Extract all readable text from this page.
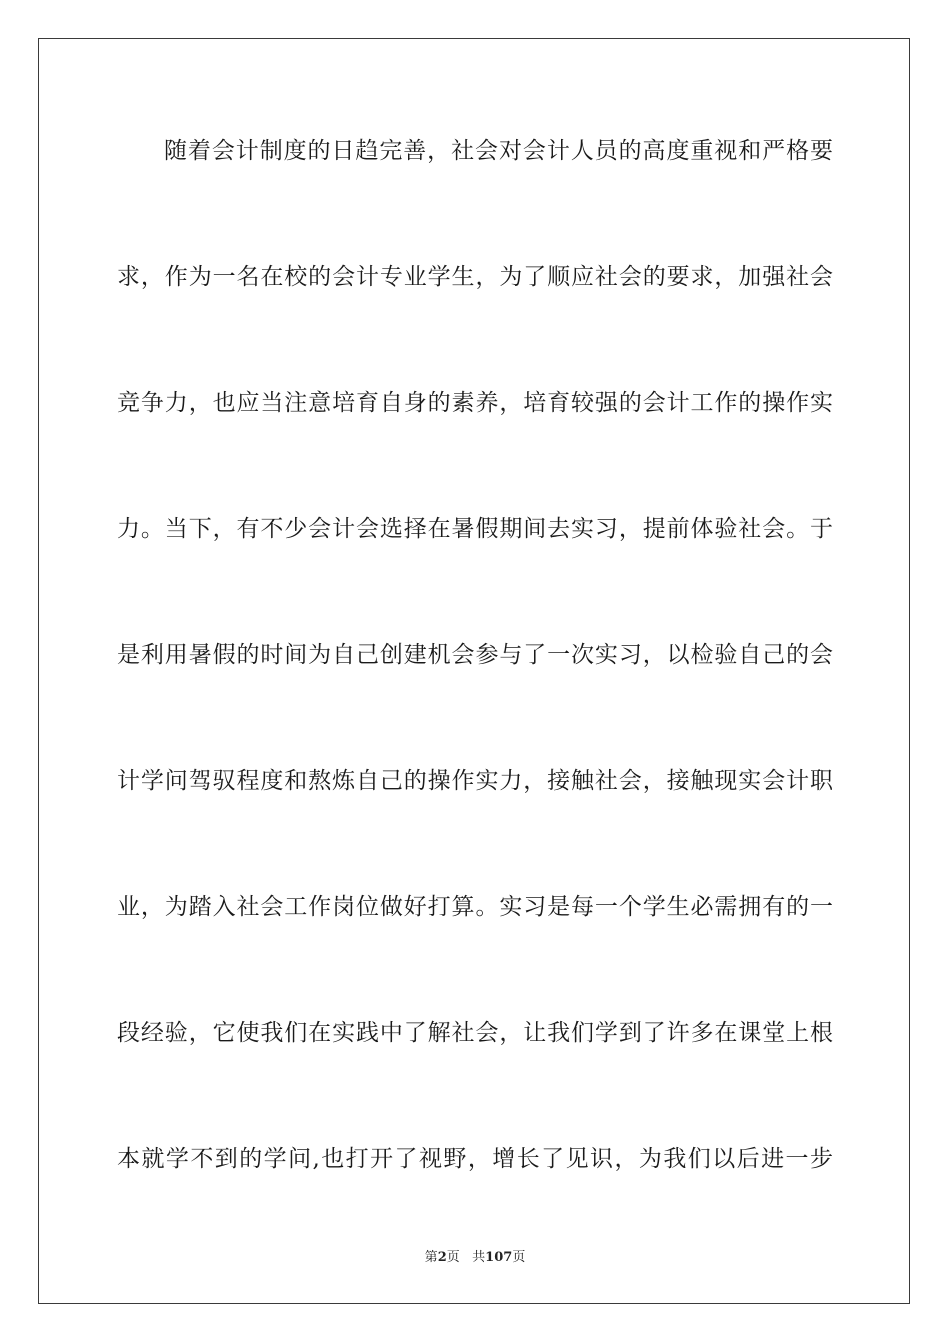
随着会计制度的日趋完善，社会对会计人员的高度重视和严格要
求，作为一名在校的会计专业学生，为了顺应社会的要求，加强社会
竞争力，也应当注意培育自身的素养，培育较强的会计工作的操作实
力。当下，有不少会计会选择在暑假期间去实习，提前体验社会。于
是利用暑假的时间为自己创建机会参与了一次实习，以检验自己的会
计学问驾驭程度和熬炼自己的操作实力，接触社会，接触现实会计职
业，为踏入社会工作岗位做好打算。实习是每一个学生必需拥有的一
段经验，它使我们在实践中了解社会，让我们学到了许多在课堂上根
本就学不到的学问,也打开了视野，增长了见识，为我们以后进一步
第2页 共107页
